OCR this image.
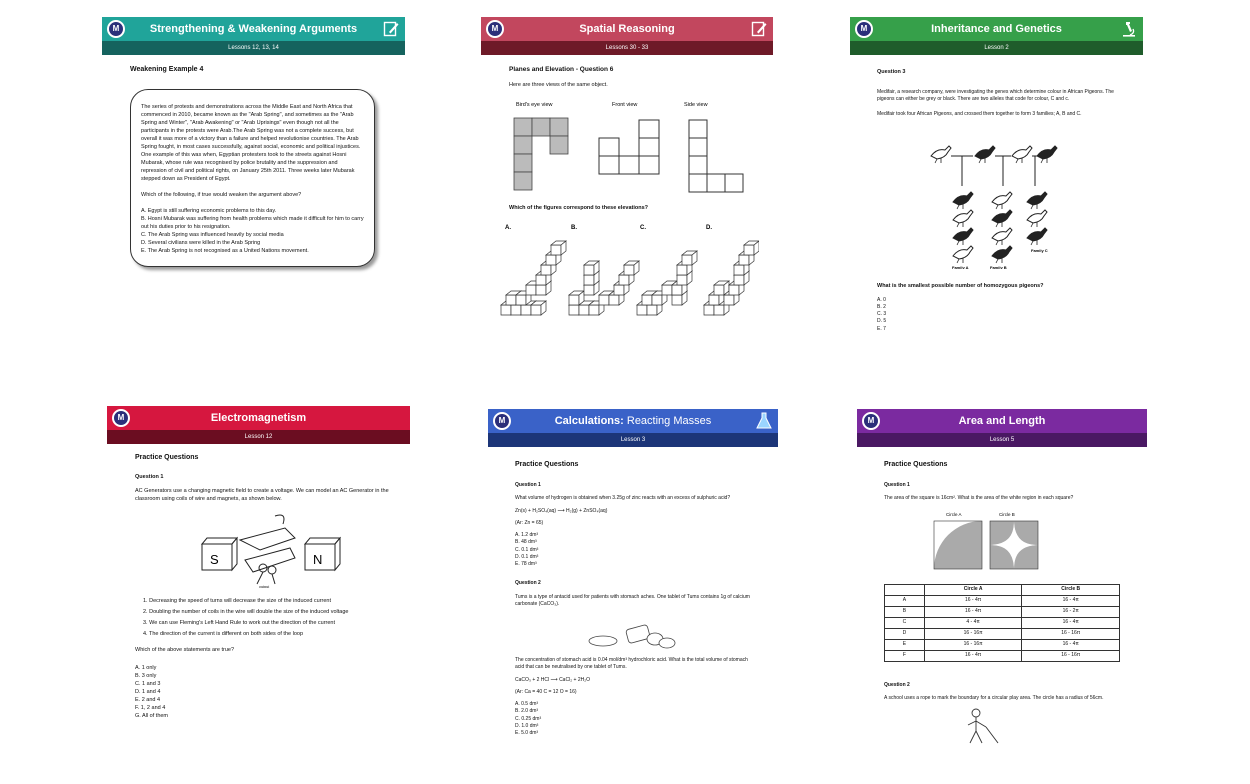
M	Strengthening & Weakening Arguments
Lessons 12, 13, 14
Weakening Example 4
The series of protests and demonstrations across the Middle East and North Africa that commenced in 2010, became known as the "Arab Spring", and sometimes as the "Arab Spring and Winter", "Arab Awakening" or "Arab Uprisings" even though not all the participants in the protests were Arab.The Arab Spring was not a complete success, but overall it was more of a victory than a failure and helped revolutionise countries. The Arab Spring fought, in most cases successfully, against social, economic and political injustices. One example of this was when, Egyptian protesters took to the streets against Hosni Mubarak, whose rule was recognised by police brutality and the suppression and repression of civil and political rights, on January 25th 2011. Three weeks later Mubarak stepped down as President of Egypt.
Which of the following, if true would weaken the argument above?
A. Egypt is still suffering economic problems to this day.
B. Hosni Mubarak was suffering from health problems which made it difficult for him to carry out his duties prior to his resignation.
C. The Arab Spring was influenced heavily by social media
D. Several civilians were killed in the Arab Spring
E. The Arab Spring is not recognised as a United Nations movement.
M	Spatial Reasoning
Lessons 30 - 33
Planes and Elevation - Question 6
Here are three views of the same object.
Bird's eye view	Front view	Side view
Which of the figures correspond to these elevations?
A.	B.	C.	D.
M	Inheritance and Genetics
Lesson 2
Question 3
Medifair, a research company, were investigating the genes which determine colour in African Pigeons. The pigeons can either be grey or black. There are two alleles that code for colour, C and c.
Medifair took four African Pigeons, and crossed them together to form 3 families; A, B and C.
Family A	Family B
Family C
What is the smallest possible number of homozygous pigeons?
A. 0
B. 2
C. 3
D. 5
E. 7
M	Electromagnetism
Lesson 12
Practice Questions
Question 1
AC Generators use a changing magnetic field to create a voltage. We can model an AC Generator in the classroom using coils of wire and magnets, as shown below.
S	N
output
1. Decreasing the speed of turns will decrease the size of the induced current
2. Doubling the number of coils in the wire will double the size of the induced voltage
3. We can use Fleming's Left Hand Rule to work out the direction of the current
4. The direction of the current is different on both sides of the loop
Which of the above statements are true?
A. 1 only
B. 3 only
C. 1 and 3
D. 1 and 4
E. 2 and 4
F. 1, 2 and 4
G. All of them
M	Calculations: Reacting Masses
Lesson 3
Practice Questions
Question 1
What volume of hydrogen is obtained when 3.25g of zinc reacts with an excess of sulphuric acid?
Zn(s) + H₂SO₄(aq) ⟶ H₂(g) + ZnSO₄(aq)
(Ar: Zn = 65)
A. 1.2 dm³
B. 48 dm³
C. 0.1 dm³
D. 0.1 dm³
E. 78 dm³
Question 2
Tums is a type of antacid used for patients with stomach aches. One tablet of Tums contains 1g of calcium carbonate (CaCO₃).
The concentration of stomach acid is 0.04 mol/dm³ hydrochloric acid. What is the total volume of stomach acid that can be neutralised by one tablet of Tums.
CaCO₃ + 2 HCl ⟶ CaCl₂ + 2H₂O
(Ar: Ca = 40 C = 12 O = 16)
A. 0.5 dm³
B. 2.0 dm³
C. 0.25 dm³
D. 1.0 dm³
E. 5.0 dm³
M	Area and Length
Lesson 5
Practice Questions
Question 1
The area of the square is 16cm². What is the area of the white region in each square?
Circle A	Circle B
	Circle A	Circle B
A	16 - 4π	16 - 4π
B	16 - 4π	16 - 2π
C	4 - 4π	16 - 4π
D	16 - 16π	16 - 16π
E	16 - 16π	16 - 4π
F	16 - 4π	16 - 16π
Question 2
A school uses a rope to mark the boundary for a circular play area. The circle has a radius of 56cm.
